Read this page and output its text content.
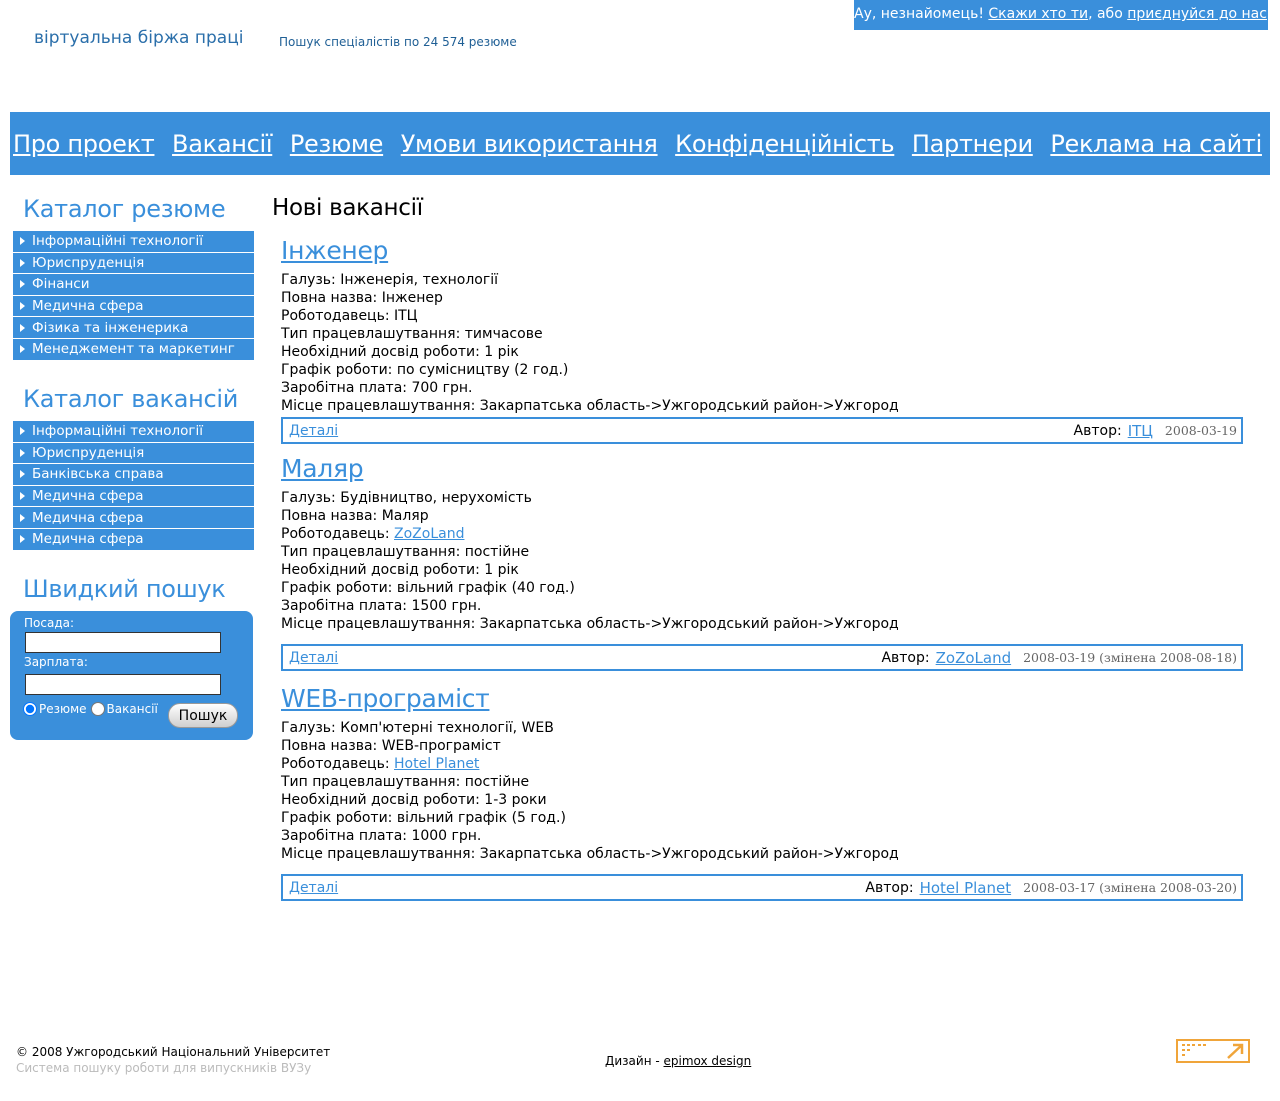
віртуальна біржа праці	Пошук спеціалістів по 24 574 резюме
Ау, незнайомець! Скажи хто ти, або приєднуйся до нас
Про проект Вакансії Резюме Умови використання Конфіденційність Партнери Реклама на сайті
Каталог резюме
Інформаційні технології
Юриспруденція
Фінанси
Медична сфера
Фізика та інженерика
Менеджемент та маркетинг
Каталог вакансій
Інформаційні технології
Юриспруденція
Банківська справа
Медична сфера
Медична сфера
Медична сфера
Швидкий пошук
Посада:
Зарплата:
Резюме Вакансії	Пошук
Нові вакансії
Інженер
Галузь: Інженерія, технології
Повна назва: Інженер
Роботодавець: ІТЦ
Тип працевлашутвання: тимчасове
Необхідний досвід роботи: 1 рік
Графік роботи: по сумісництву (2 год.)
Заробітна плата: 700 грн.
Місце працевлашутвання: Закарпатська область->Ужгородський район->Ужгород
Деталі	Автор: ІТЦ 2008-03-19
Маляр
Галузь: Будівництво, нерухомість
Повна назва: Маляр
Роботодавець: ZoZoLand
Тип працевлашутвання: постійне
Необхідний досвід роботи: 1 рік
Графік роботи: вільний графік (40 год.)
Заробітна плата: 1500 грн.
Місце працевлашутвання: Закарпатська область->Ужгородський район->Ужгород
Деталі	Автор: ZoZoLand 2008-03-19 (змінена 2008-08-18)
WEB-програміст
Галузь: Комп'ютерні технології, WEB
Повна назва: WEB-програміст
Роботодавець: Hotel Planet
Тип працевлашутвання: постійне
Необхідний досвід роботи: 1-3 роки
Графік роботи: вільний графік (5 год.)
Заробітна плата: 1000 грн.
Місце працевлашутвання: Закарпатська область->Ужгородський район->Ужгород
Деталі	Автор: Hotel Planet 2008-03-17 (змінена 2008-03-20)
© 2008 Ужгородський Національний Університет
Система пошуку роботи для випускників ВУЗу	Дизайн - epimox design
